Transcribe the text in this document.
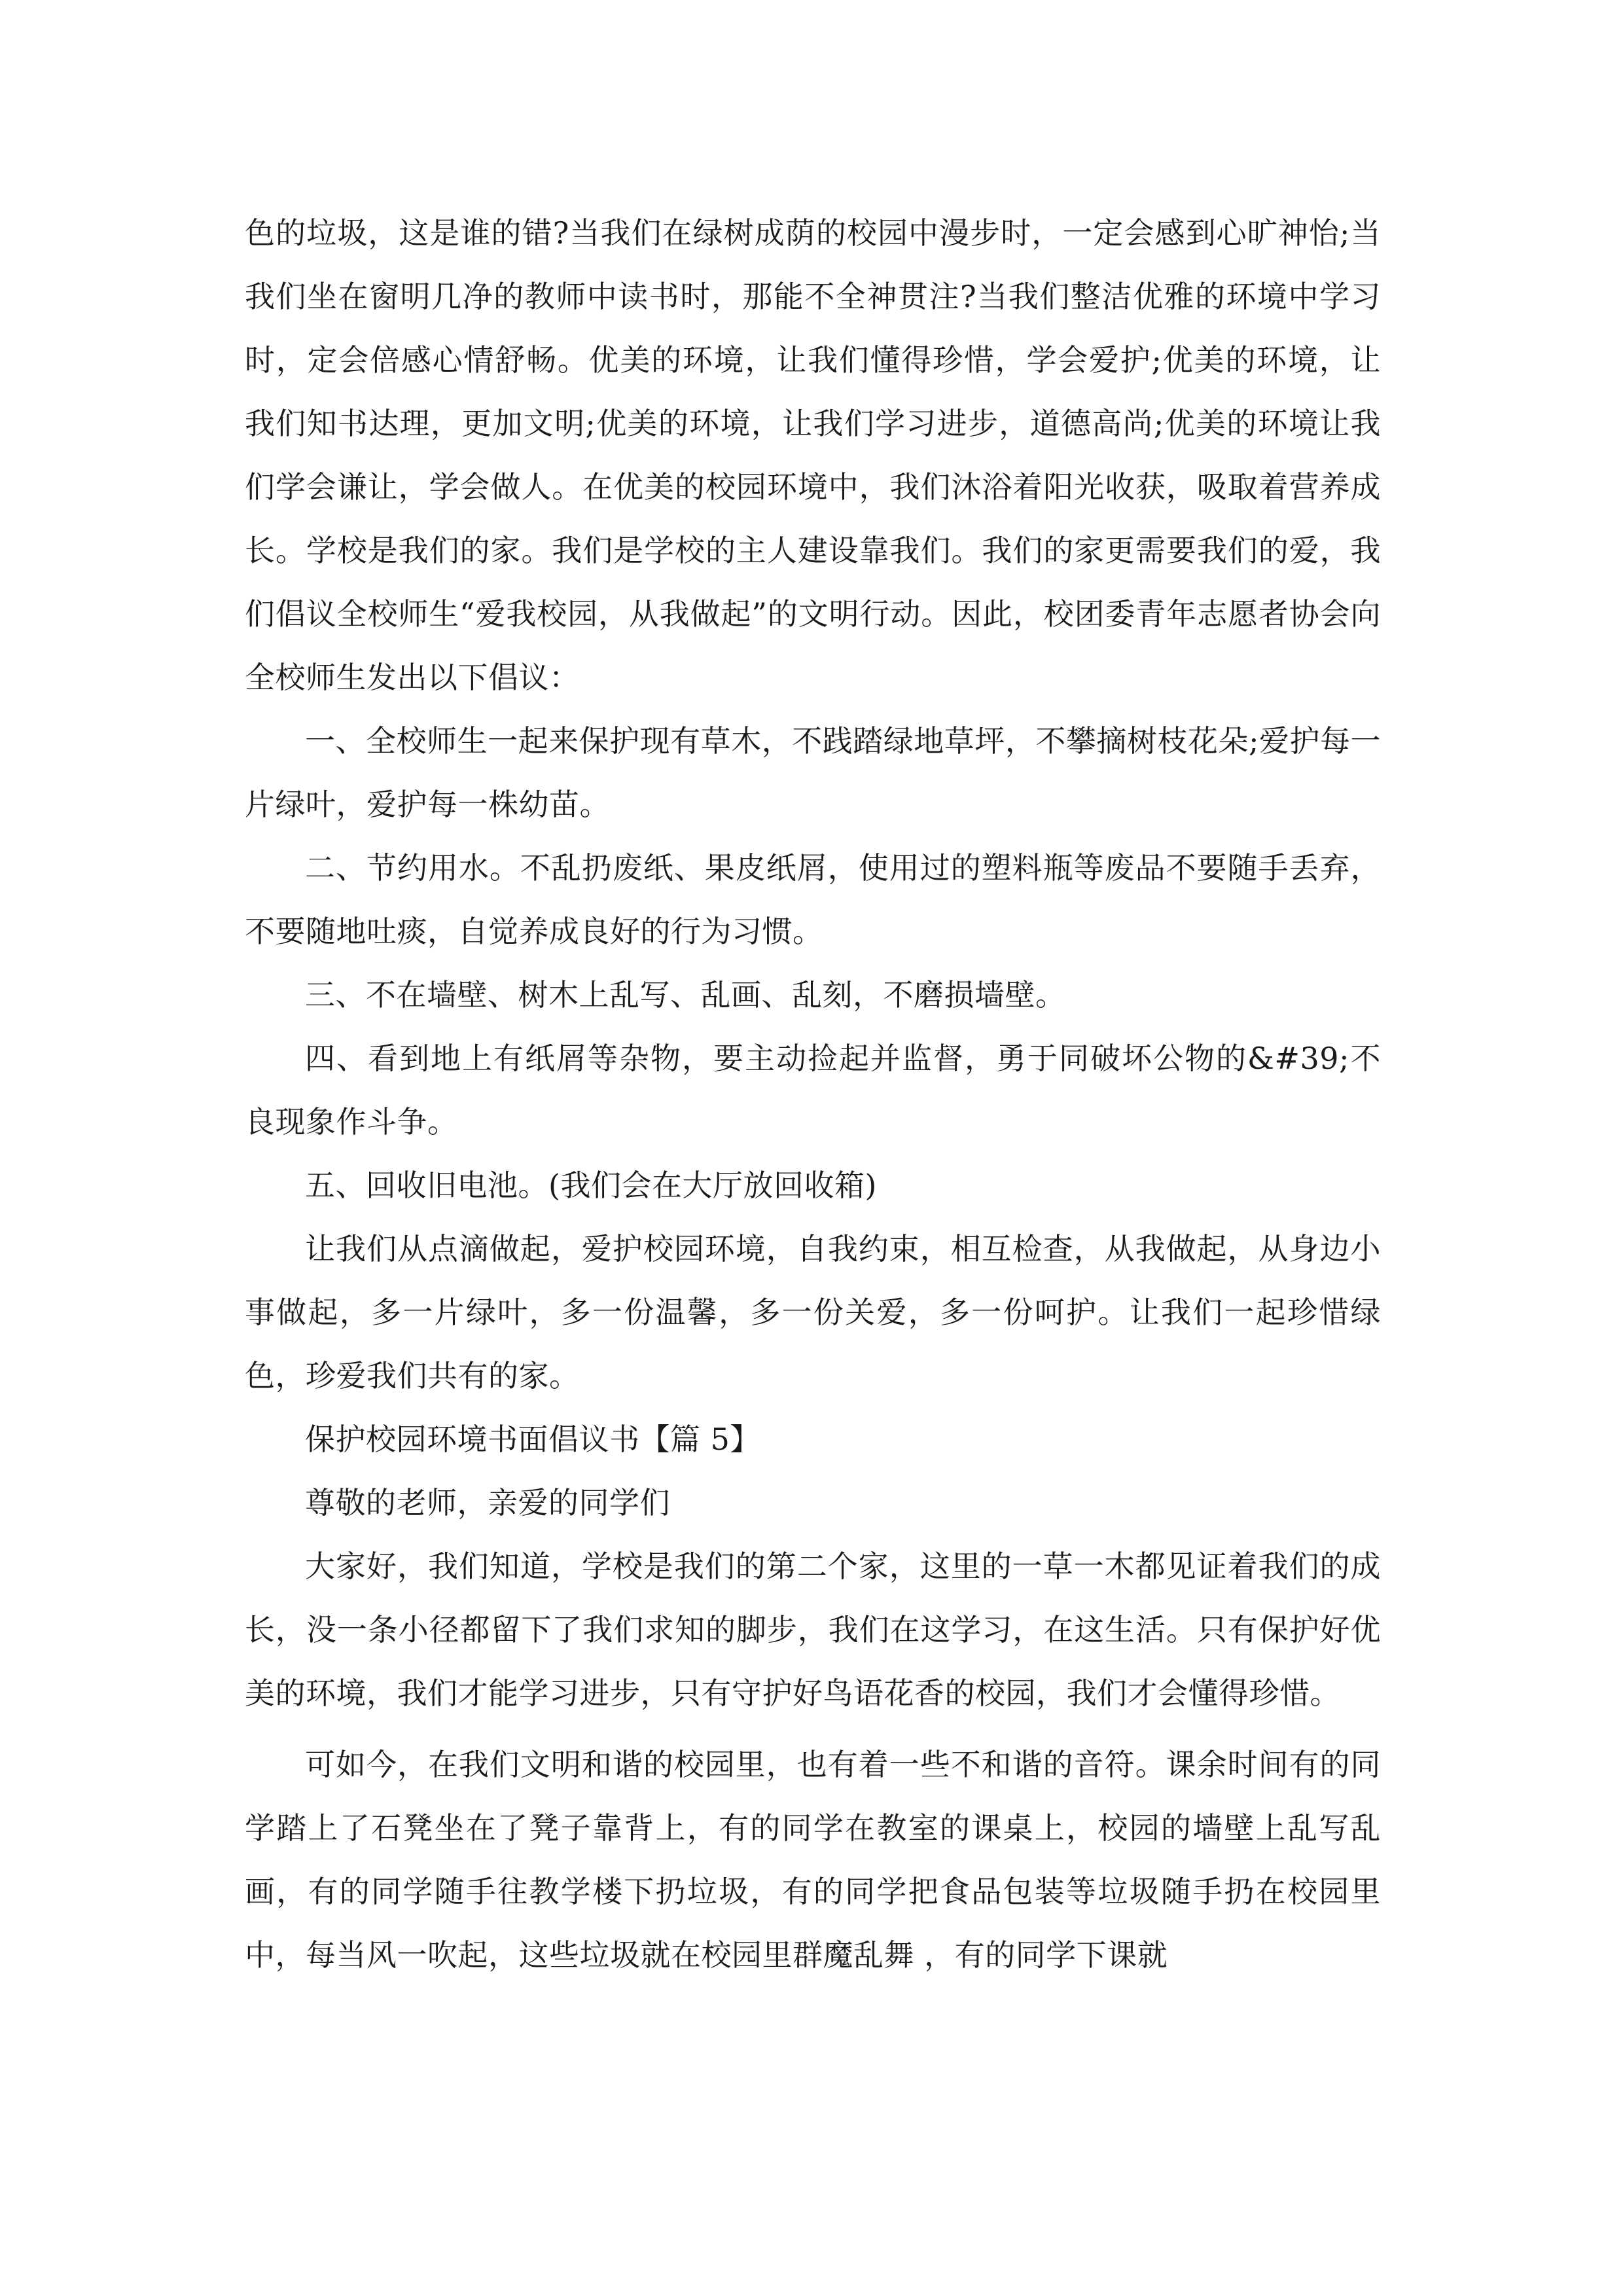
色的垃圾，这是谁的错?当我们在绿树成荫的校园中漫步时，一定会感到心旷神怡;当我们坐在窗明几净的教师中读书时，那能不全神贯注?当我们整洁优雅的环境中学习时，定会倍感心情舒畅。优美的环境，让我们懂得珍惜，学会爱护;优美的环境，让我们知书达理，更加文明;优美的环境，让我们学习进步，道德高尚;优美的环境让我们学会谦让，学会做人。在优美的校园环境中，我们沐浴着阳光收获，吸取着营养成长。学校是我们的家。我们是学校的主人建设靠我们。我们的家更需要我们的爱，我们倡议全校师生“爱我校园，从我做起”的文明行动。因此，校团委青年志愿者协会向全校师生发出以下倡议：

一、全校师生一起来保护现有草木，不践踏绿地草坪，不攀摘树枝花朵;爱护每一片绿叶，爱护每一株幼苗。

二、节约用水。不乱扔废纸、果皮纸屑，使用过的塑料瓶等废品不要随手丢弃，不要随地吐痰，自觉养成良好的行为习惯。

三、不在墙壁、树木上乱写、乱画、乱刻，不磨损墙壁。

四、看到地上有纸屑等杂物，要主动捡起并监督，勇于同破坏公物的&#39;不良现象作斗争。

五、回收旧电池。(我们会在大厅放回收箱)

让我们从点滴做起，爱护校园环境，自我约束，相互检查，从我做起，从身边小事做起，多一片绿叶，多一份温馨，多一份关爱，多一份呵护。让我们一起珍惜绿色，珍爱我们共有的家。

保护校园环境书面倡议书【篇 5】

尊敬的老师，亲爱的同学们

大家好，我们知道，学校是我们的第二个家，这里的一草一木都见证着我们的成长，没一条小径都留下了我们求知的脚步，我们在这学习，在这生活。只有保护好优美的环境，我们才能学习进步，只有守护好鸟语花香的校园，我们才会懂得珍惜。

可如今，在我们文明和谐的校园里，也有着一些不和谐的音符。课余时间有的同学踏上了石凳坐在了凳子靠背上，有的同学在教室的课桌上，校园的墙壁上乱写乱画，有的同学随手往教学楼下扔垃圾，有的同学把食品包装等垃圾随手扔在校园里中，每当风一吹起，这些垃圾就在校园里群魔乱舞 ，有的同学下课就
